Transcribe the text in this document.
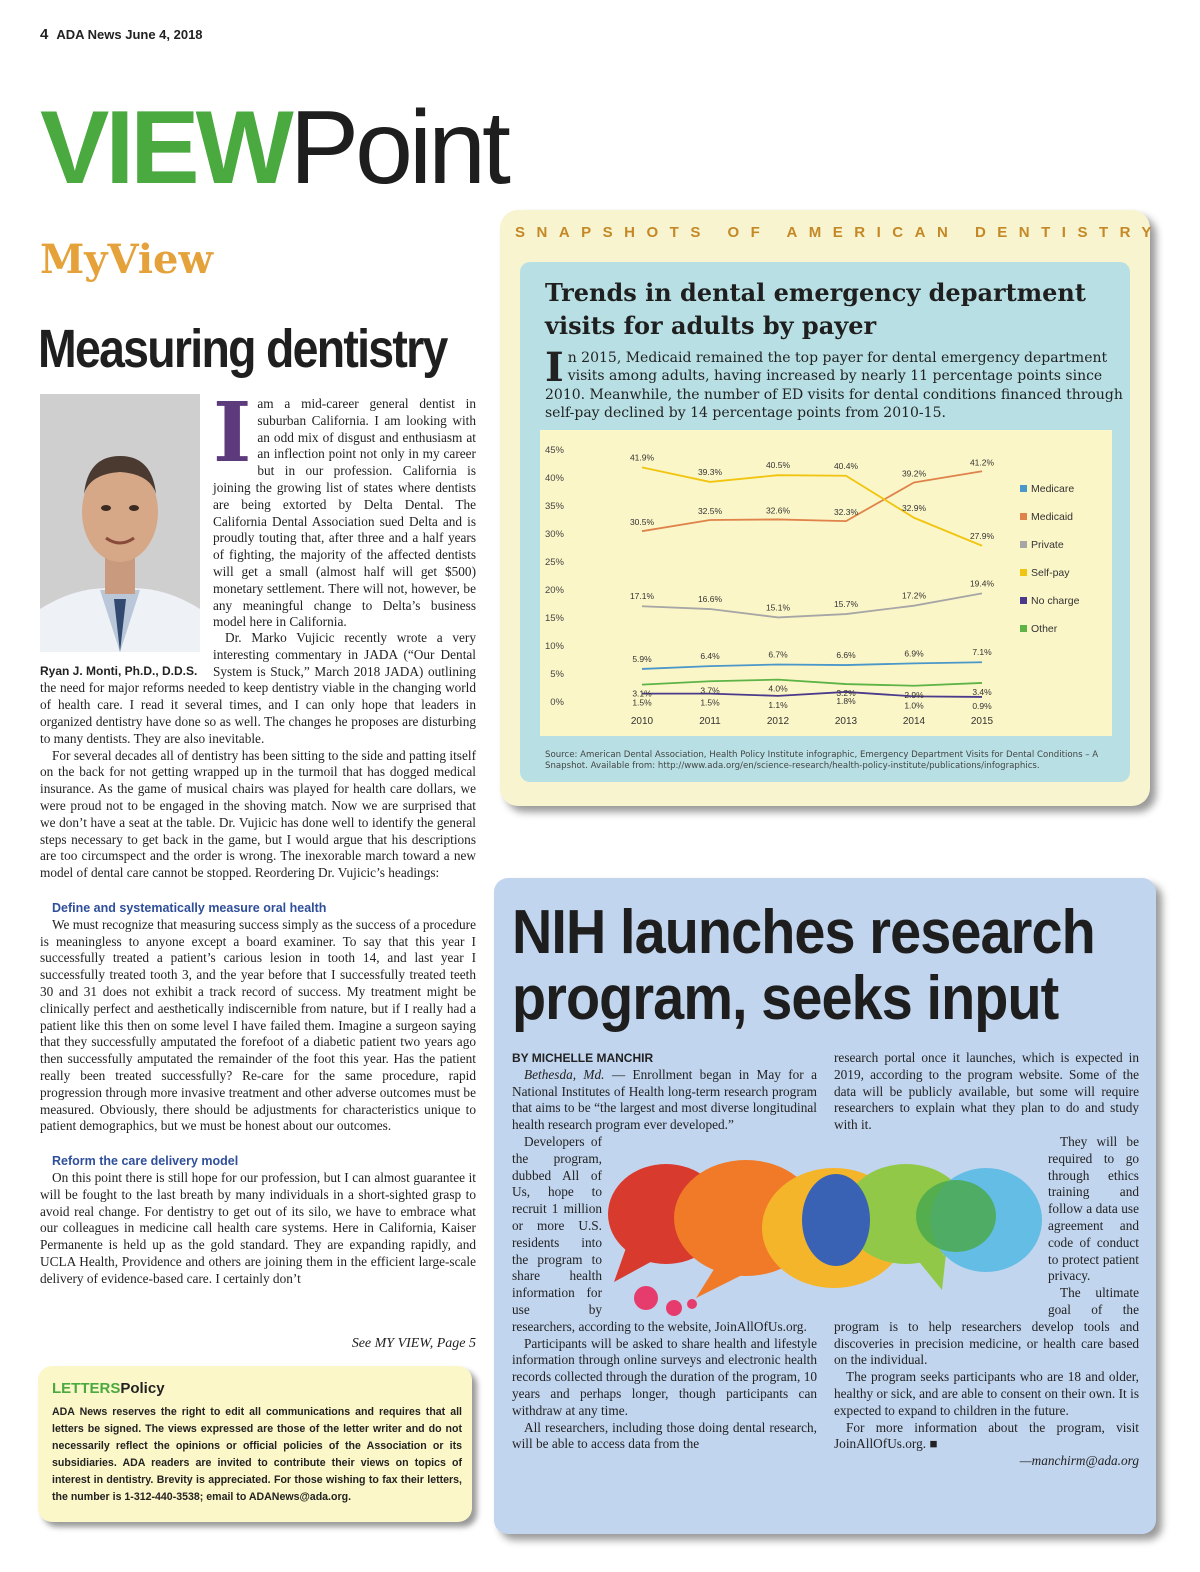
4 ADA News June 4, 2018
VIEWPoint
MyView
Measuring dentistry
Ryan J. Monti, Ph.D., D.D.S.
I am a mid-career general dentist in suburban California. I am looking with an odd mix of disgust and enthusiasm at an inflection point not only in my career but in our profession. California is joining the growing list of states where dentists are being extorted by Delta Dental. The California Dental Association sued Delta and is proudly touting that, after three and a half years of fighting, the majority of the affected dentists will get a small (almost half will get $500) monetary settlement. There will not, however, be any meaningful change to Delta’s business model here in California.

Dr. Marko Vujicic recently wrote a very interesting commentary in JADA (“Our Dental System is Stuck,” March 2018 JADA) outlining the need for major reforms needed to keep dentistry viable in the changing world of health care. I read it several times, and I can only hope that leaders in organized dentistry have done so as well. The changes he proposes are disturbing to many dentists. They are also inevitable.

For several decades all of dentistry has been sitting to the side and patting itself on the back for not getting wrapped up in the turmoil that has dogged medical insurance. As the game of musical chairs was played for health care dollars, we were proud not to be engaged in the shoving match. Now we are surprised that we don’t have a seat at the table. Dr. Vujicic has done well to identify the general steps necessary to get back in the game, but I would argue that his descriptions are too circumspect and the order is wrong. The inexorable march toward a new model of dental care cannot be stopped. Reordering Dr. Vujicic’s headings:

Define and systematically measure oral health

We must recognize that measuring success simply as the success of a procedure is meaningless to anyone except a board examiner. To say that this year I successfully treated a patient’s carious lesion in tooth 14, and last year I successfully treated tooth 3, and the year before that I successfully treated teeth 30 and 31 does not exhibit a track record of success. My treatment might be clinically perfect and aesthetically indiscernible from nature, but if I really had a patient like this then on some level I have failed them. Imagine a surgeon saying that they successfully amputated the forefoot of a diabetic patient two years ago then successfully amputated the remainder of the foot this year. Has the patient really been treated successfully? Re-care for the same procedure, rapid progression through more invasive treatment and other adverse outcomes must be measured. Obviously, there should be adjustments for characteristics unique to patient demographics, but we must be honest about our outcomes.

Reform the care delivery model

On this point there is still hope for our profession, but I can almost guarantee it will be fought to the last breath by many individuals in a short-sighted grasp to avoid real change. For dentistry to get out of its silo, we have to embrace what our colleagues in medicine call health care systems. Here in California, Kaiser Permanente is held up as the gold standard. They are expanding rapidly, and UCLA Health, Providence and others are joining them in the efficient large-scale delivery of evidence-based care. I certainly don’t

See MY VIEW, Page 5
LETTERSPolicy
ADA News reserves the right to edit all communications and requires that all letters be signed. The views expressed are those of the letter writer and do not necessarily reflect the opinions or official policies of the Association or its subsidiaries. ADA readers are invited to contribute their views on topics of interest in dentistry. Brevity is appreciated. For those wishing to fax their letters, the number is 1-312-440-3538; email to ADANews@ada.org.
SNAPSHOTS OF AMERICAN DENTISTRY
Trends in dental emergency department visits for adults by payer
In 2015, Medicaid remained the top payer for dental emergency department visits among adults, having increased by nearly 11 percentage points since 2010. Meanwhile, the number of ED visits for dental conditions financed through self-pay declined by 14 percentage points from 2010-15.
0%
5%
10%
15%
20%
25%
30%
35%
40%
45%
2010	2011	2012	2013	2014	2015
5.9%	6.4%	6.7%	6.6%	6.9%	7.1%
Medicare
30.5%
32.5%	32.6%	32.3%
39.2%
41.2%
Medicaid
17.1%	16.6%
15.1%	15.7%
17.2%
19.4%
Private
41.9%
39.3%
40.5%	40.4%
32.9%
27.9%
Self-pay
1.5%	1.5%	1.1%	1.8%	1.0%	0.9%
No charge
3.1%	3.7%	4.0%	3.2%	2.9%	3.4%
Other
Source: American Dental Association, Health Policy Institute infographic, Emergency Department Visits for Dental Conditions – A Snapshot. Available from: http://www.ada.org/en/science-research/health-policy-institute/publications/infographics.
NIH launches research
program, seeks input

BY MICHELLE MANCHIR

Bethesda, Md. — Enrollment began in May for a National Institutes of Health long-term research program that aims to be “the largest and most diverse longitudinal health research program ever developed.”

Developers of the program, dubbed All of Us, hope to recruit 1 million or more U.S. residents into the program to share health information for use by researchers, according to the website, JoinAllOfUs.org.

Participants will be asked to share health and lifestyle information through online surveys and electronic health records collected through the duration of the program, 10 years and perhaps longer, though participants can withdraw at any time.

All researchers, including those doing dental research, will be able to access data from the

research portal once it launches, which is expected in 2019, according to the program website. Some of the data will be publicly available, but some will require researchers to explain what they plan to do and study with it.

They will be required to go through ethics training and follow a data use agreement and code of conduct to protect patient privacy.

The ultimate goal of the program is to help researchers develop tools and discoveries in precision medicine, or health care based on the individual.

The program seeks participants who are 18 and older, healthy or sick, and are able to consent on their own. It is expected to expand to children in the future.

For more information about the program, visit JoinAllOfUs.org. ■

—manchirm@ada.org
